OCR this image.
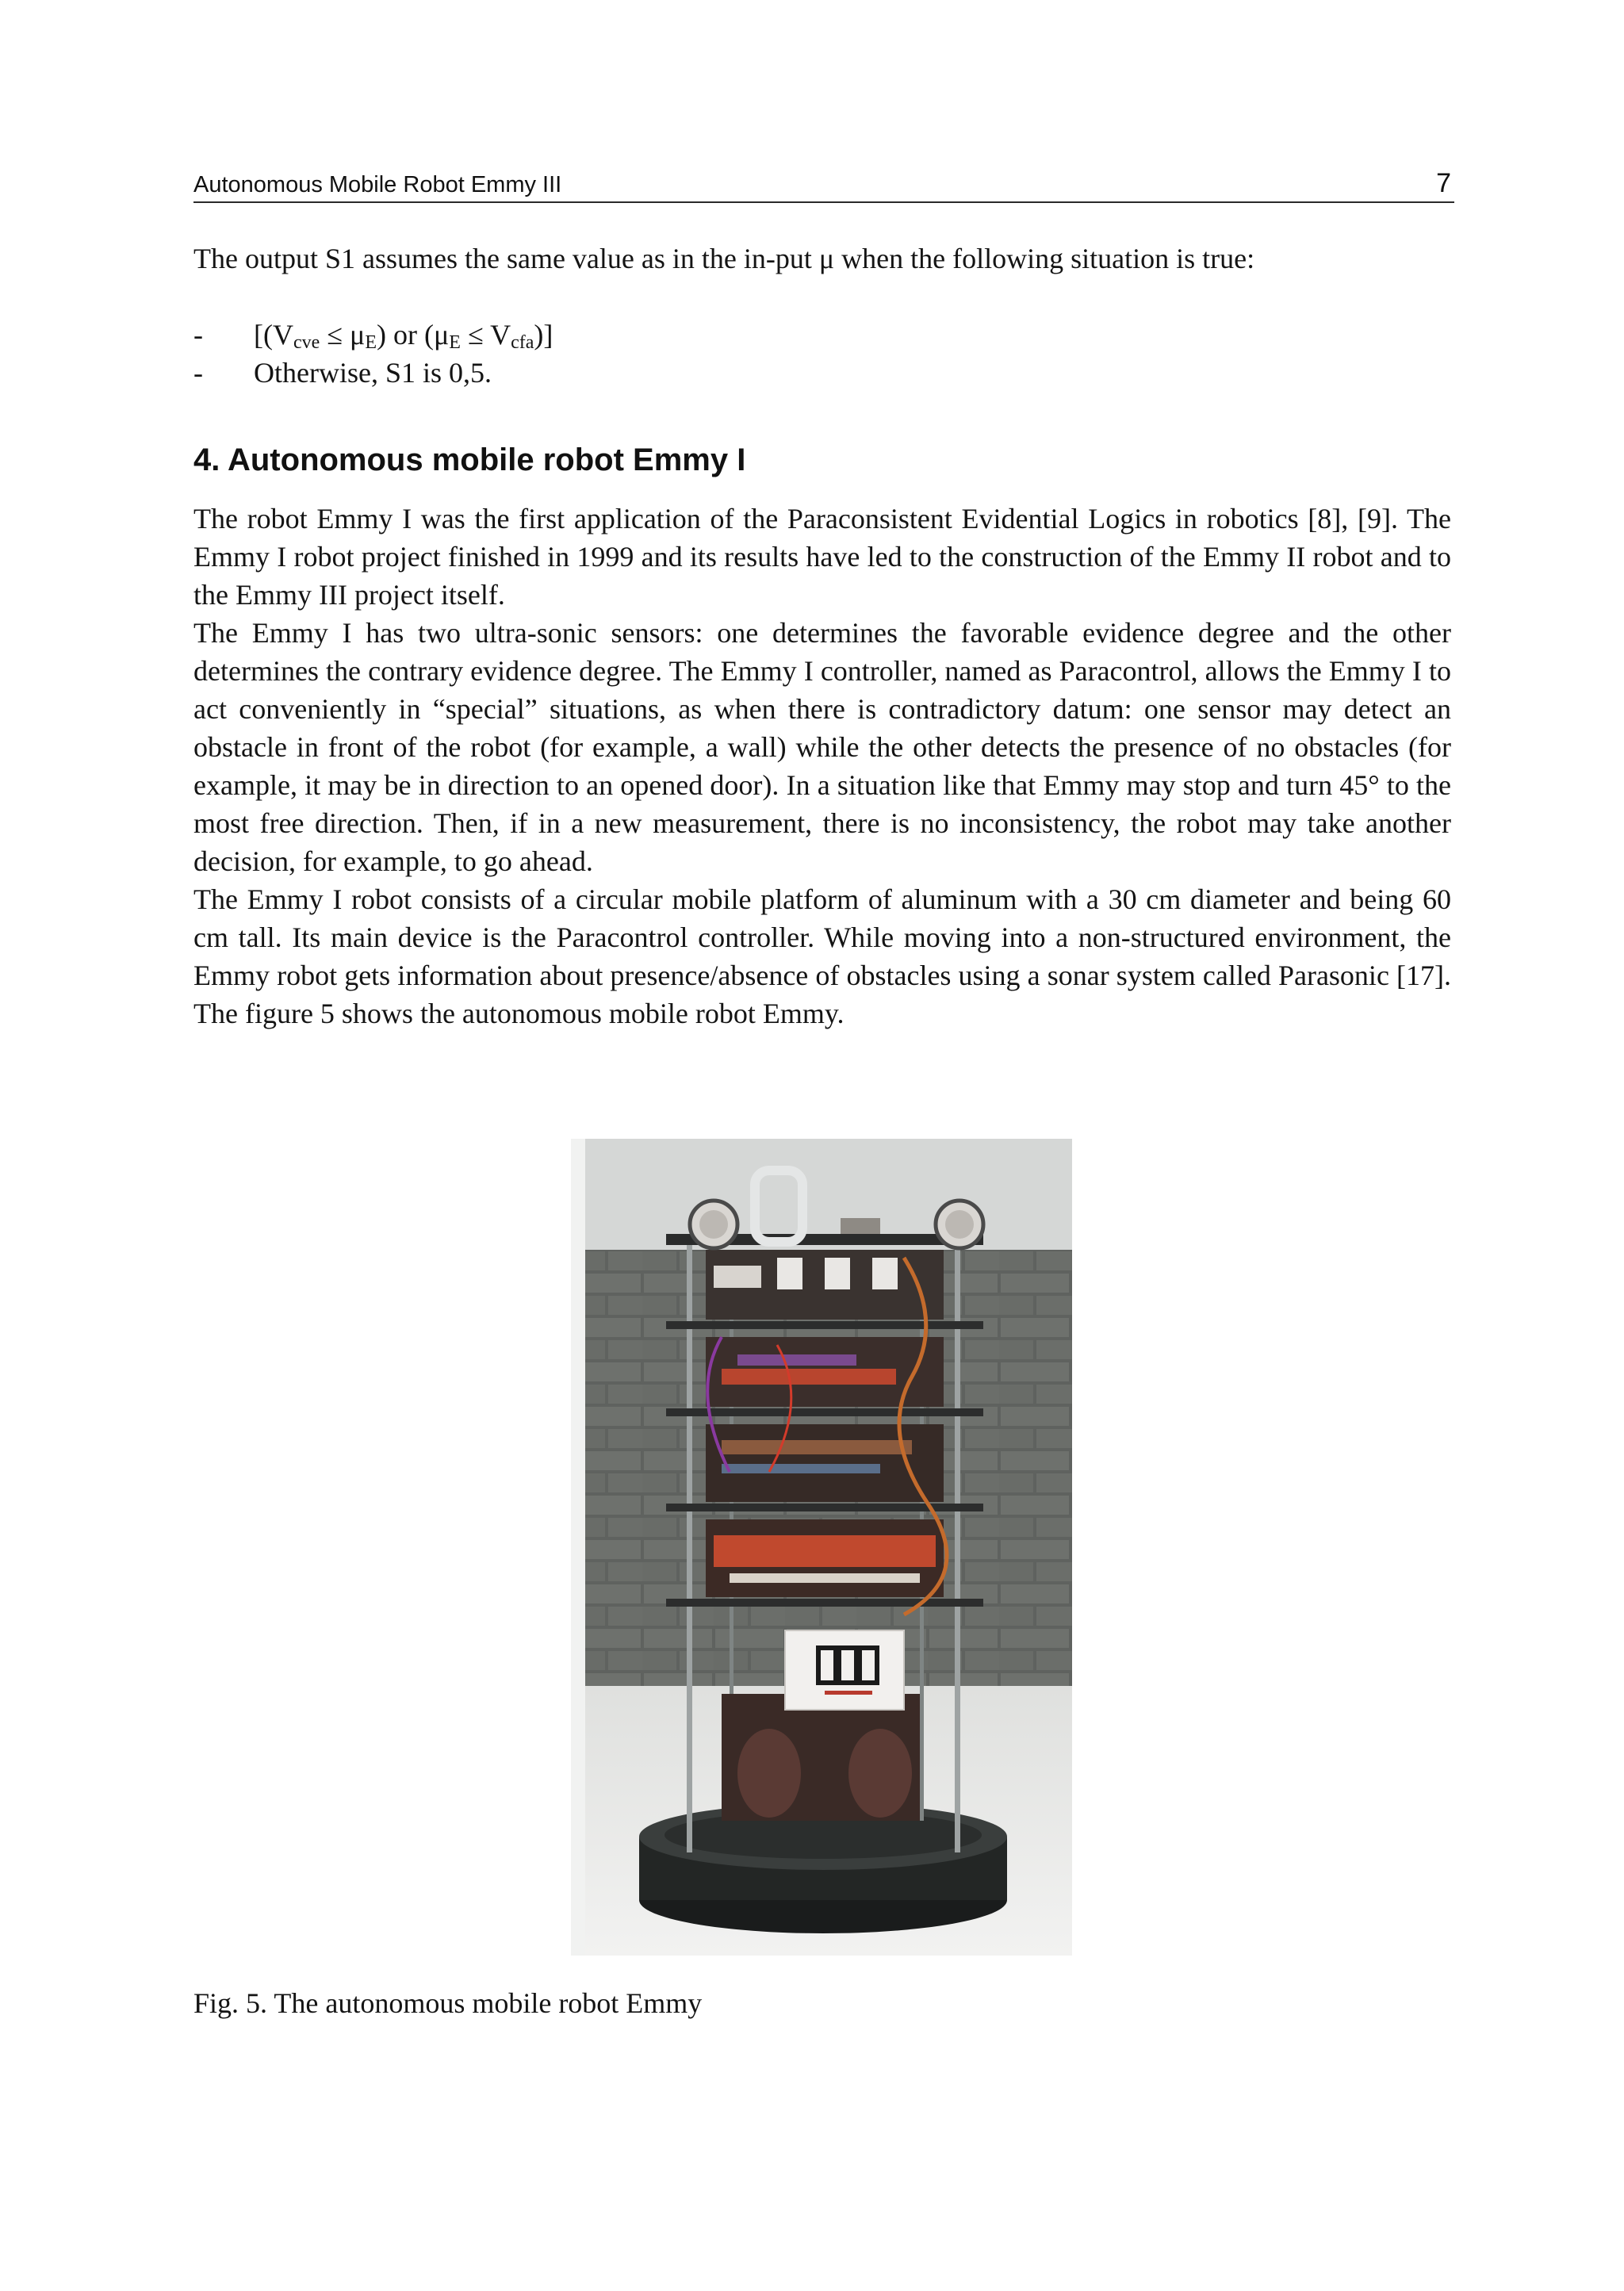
Autonomous Mobile Robot Emmy III	7

The output S1 assumes the same value as in the in-put μ when the following situation is true:

- [$(V_{cve} \le \mu_E)$ or $(\mu_E \le V_{cfa})$]
- Otherwise, S1 is 0,5.
4. Autonomous mobile robot Emmy I

The robot Emmy I was the first application of the Paraconsistent Evidential Logics in robotics [8], [9]. The Emmy I robot project finished in 1999 and its results have led to the construction of the Emmy II robot and to the Emmy III project itself.

The Emmy I has two ultra-sonic sensors: one determines the favorable evidence degree and the other determines the contrary evidence degree. The Emmy I controller, named as Paracontrol, allows the Emmy I to act conveniently in “special” situations, as when there is contradictory datum: one sensor may detect an obstacle in front of the robot (for example, a wall) while the other detects the presence of no obstacles (for example, it may be in direction to an opened door). In a situation like that Emmy may stop and turn 45° to the most free direction. Then, if in a new measurement, there is no inconsistency, the robot may take another decision, for example, to go ahead.

The Emmy I robot consists of a circular mobile platform of aluminum with a 30 cm diameter and being 60 cm tall. Its main device is the Paracontrol controller. While moving into a non-structured environment, the Emmy robot gets information about presence/absence of obstacles using a sonar system called Parasonic [17]. The figure 5 shows the autonomous mobile robot Emmy.

Fig. 5. The autonomous mobile robot Emmy
